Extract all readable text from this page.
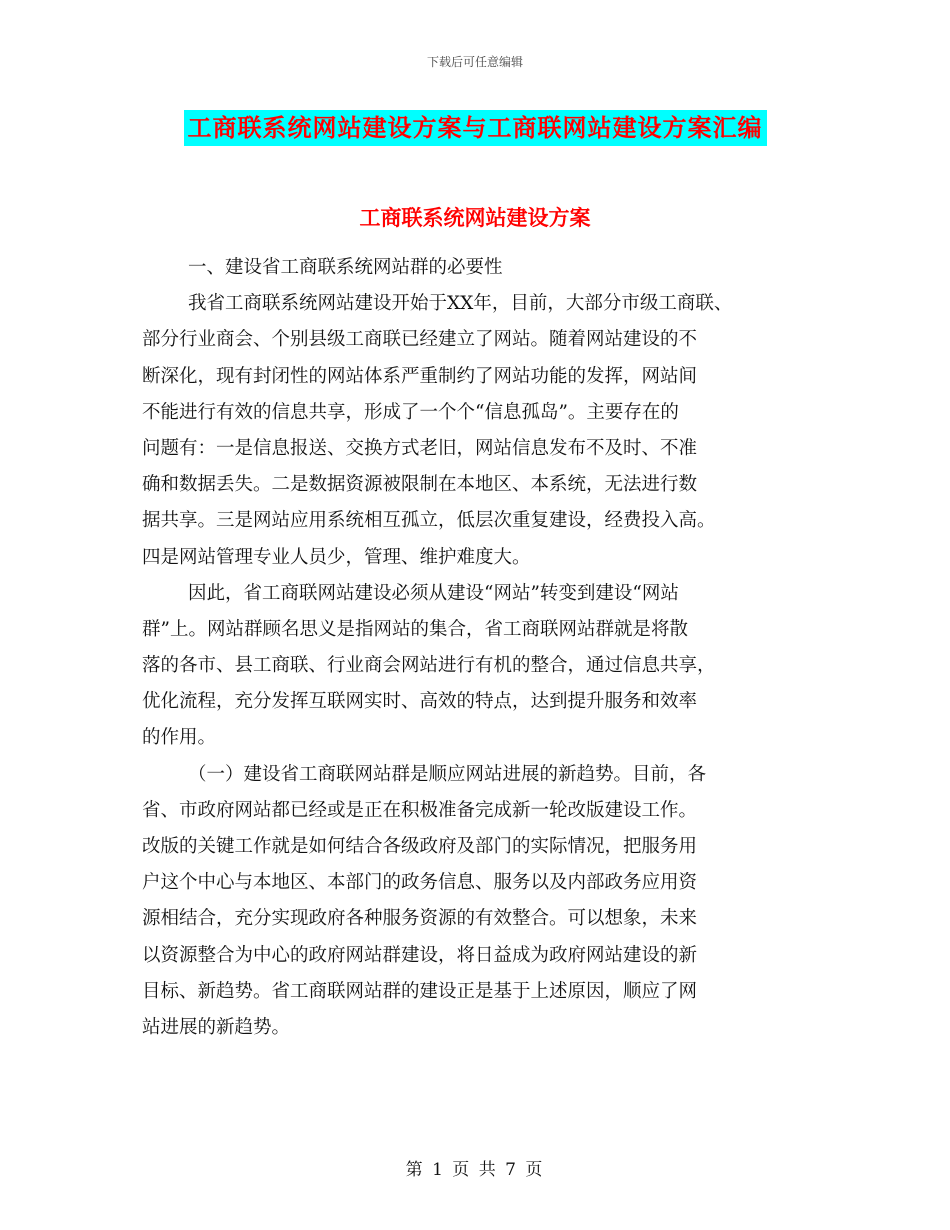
下载后可任意编辑
工商联系统网站建设方案与工商联网站建设方案汇编
工商联系统网站建设方案
一、建设省工商联系统网站群的必要性
我省工商联系统网站建设开始于XX年，目前，大部分市级工商联、
部分行业商会、个别县级工商联已经建立了网站。随着网站建设的不
断深化，现有封闭性的网站体系严重制约了网站功能的发挥，网站间
不能进行有效的信息共享，形成了一个个“信息孤岛”。主要存在的
问题有：一是信息报送、交换方式老旧，网站信息发布不及时、不准
确和数据丢失。二是数据资源被限制在本地区、本系统，无法进行数
据共享。三是网站应用系统相互孤立，低层次重复建设，经费投入高。
四是网站管理专业人员少，管理、维护难度大。
因此，省工商联网站建设必须从建设“网站”转变到建设“网站
群”上。网站群顾名思义是指网站的集合，省工商联网站群就是将散
落的各市、县工商联、行业商会网站进行有机的整合，通过信息共享，
优化流程，充分发挥互联网实时、高效的特点，达到提升服务和效率
的作用。
（一）建设省工商联网站群是顺应网站进展的新趋势。目前，各
省、市政府网站都已经或是正在积极准备完成新一轮改版建设工作。
改版的关键工作就是如何结合各级政府及部门的实际情况，把服务用
户这个中心与本地区、本部门的政务信息、服务以及内部政务应用资
源相结合，充分实现政府各种服务资源的有效整合。可以想象，未来
以资源整合为中心的政府网站群建设，将日益成为政府网站建设的新
目标、新趋势。省工商联网站群的建设正是基于上述原因，顺应了网
站进展的新趋势。
第 1 页 共 7 页
